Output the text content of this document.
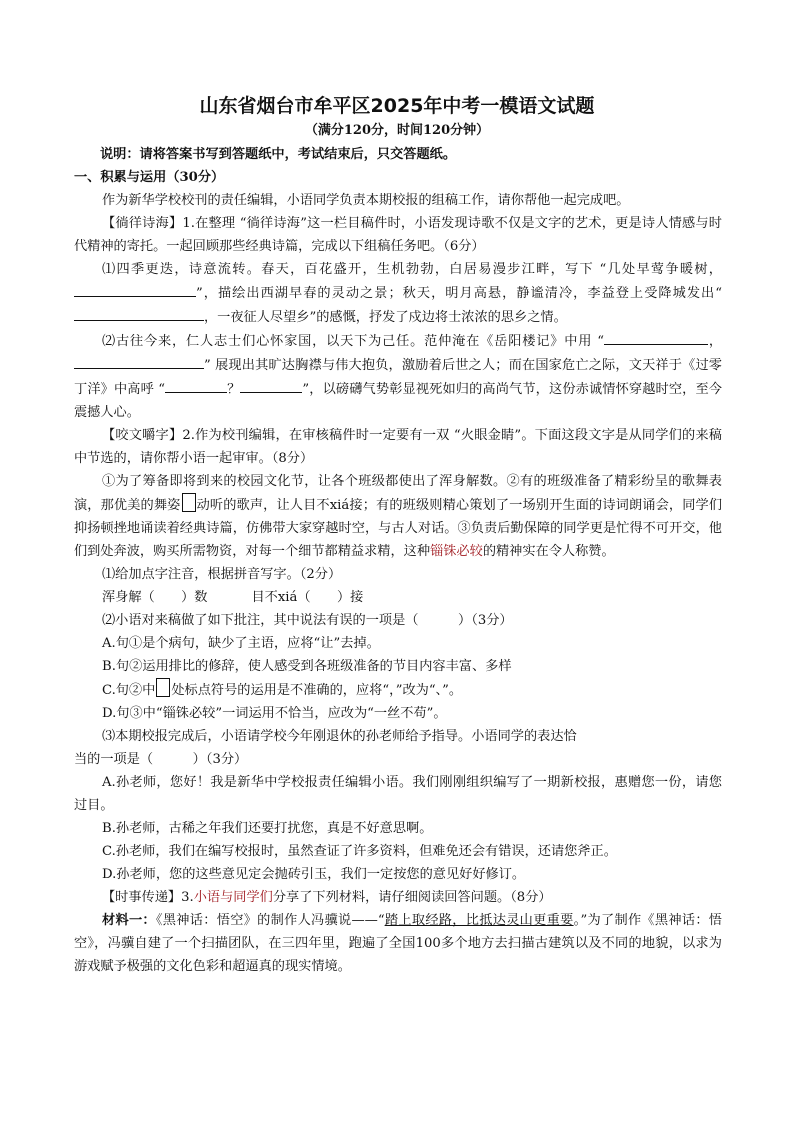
山东省烟台市牟平区2025年中考一模语文试题
（满分120分，时间120分钟）

说明：请将答案书写到答题纸中，考试结束后，只交答题纸。

一、积累与运用（30分）

作为新华学校校刊的责任编辑，小语同学负责本期校报的组稿工作，请你帮他一起完成吧。

【徜徉诗海】1.在整理 “徜徉诗海”这一栏目稿件时，小语发现诗歌不仅是文字的艺术，更是诗人情感与时代精神的寄托。一起回顾那些经典诗篇，完成以下组稿任务吧。（6分）

⑴四季更迭，诗意流转。春天，百花盛开，生机勃勃，白居易漫步江畔，写下 “几处早莺争暖树，”，描绘出西湖早春的灵动之景；秋天，明月高悬，静谧清冷，李益登上受降城发出“，一夜征人尽望乡”的感慨，抒发了戍边将士浓浓的思乡之情。

⑵古往今来，仁人志士们心怀家国，以天下为己任。范仲淹在《岳阳楼记》中用 “	，” 展现出其旷达胸襟与伟大抱负，激励着后世之人；而在国家危亡之际，文天祥于《过零丁洋》中高呼 “	？	”，以磅礴气势彰显视死如归的高尚气节，这份赤诚情怀穿越时空，至今震撼人心。

【咬文嚼字】2.作为校刊编辑，在审核稿件时一定要有一双 “火眼金睛”。下面这段文字是从同学们的来稿中节选的，请你帮小语一起审审。（8分）

①为了筹备即将到来的校园文化节，让各个班级都使出了浑身解数。②有的班级准备了精彩纷呈的歌舞表演，那优美的舞姿 动听的歌声，让人目不xiá接；有的班级则精心策划了一场别开生面的诗词朗诵会，同学们抑扬顿挫地诵读着经典诗篇，仿佛带大家穿越时空，与古人对话。③负责后勤保障的同学更是忙得不可开交，他们到处奔波，购买所需物资，对每一个细节都精益求精，这种锱铢必较的精神实在令人称赞。

⑴给加点字注音，根据拼音写字。（2分）

浑身解（　　）数	目不xiá（　　）接

⑵小语对来稿做了如下批注，其中说法有误的一项是（　　　）（3分）

A.句①是个病句，缺少了主语，应将“让”去掉。

B.句②运用排比的修辞，使人感受到各班级准备的节目内容丰富、多样

C.句②中 处标点符号的运用是不准确的，应将“，”改为“、”。

D.句③中“锱铢必较”一词运用不恰当，应改为“一丝不苟”。

⑶本期校报完成后，小语请学校今年刚退休的孙老师给予指导。小语同学的表达恰

当的一项是（　　　）（3分）

A.孙老师，您好！我是新华中学校报责任编辑小语。我们刚刚组织编写了一期新校报，惠赠您一份，请您过目。

B.孙老师，古稀之年我们还要打扰您，真是不好意思啊。

C.孙老师，我们在编写校报时，虽然查证了许多资料，但难免还会有错误，还请您斧正。

D.孙老师，您的这些意见定会抛砖引玉，我们一定按您的意见好好修订。

【时事传递】3.小语与同学们分享了下列材料，请仔细阅读回答问题。（8分）

材料一：《黑神话：悟空》的制作人冯骥说——“踏上取经路，比抵达灵山更重要。”为了制作《黑神话：悟空》，冯骥自建了一个扫描团队，在三四年里，跑遍了全国100多个地方去扫描古建筑以及不同的地貌，以求为游戏赋予极强的文化色彩和超逼真的现实情境。
